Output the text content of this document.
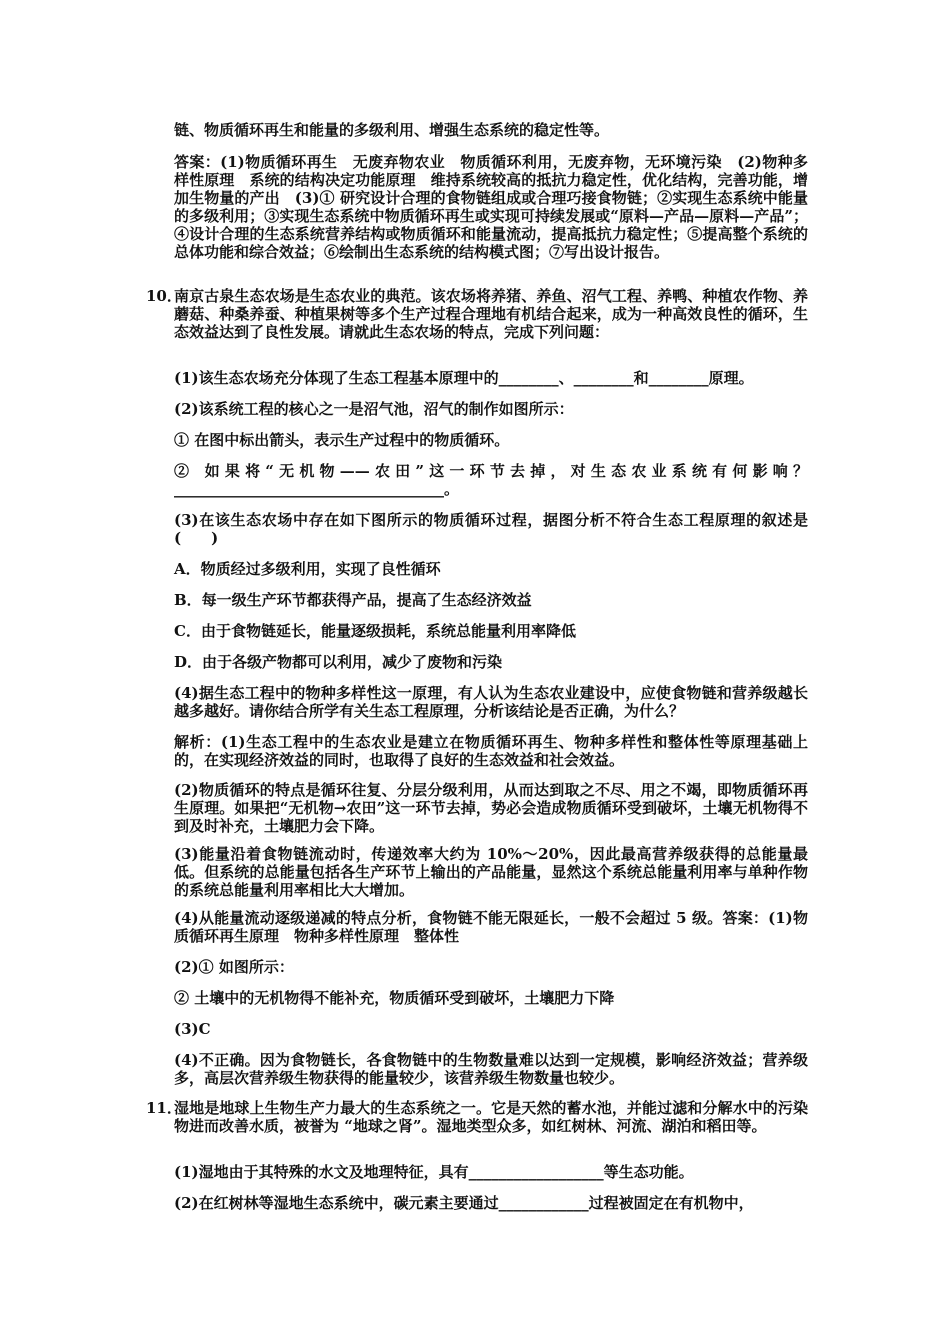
链、物质循环再生和能量的多级利用、增强生态系统的稳定性等。

答案：(1)物质循环再生　无废弃物农业　物质循环利用，无废弃物，无环境污染　(2)物种多样性原理　系统的结构决定功能原理　维持系统较高的抵抗力稳定性，优化结构，完善功能，增加生物量的产出　(3)① 研究设计合理的食物链组成或合理巧接食物链；②实现生态系统中能量的多级利用；③实现生态系统中物质循环再生或实现可持续发展或“原料—产品—原料—产品”；④设计合理的生态系统营养结构或物质循环和能量流动，提高抵抗力稳定性；⑤提高整个系统的总体功能和综合效益；⑥绘制出生态系统的结构模式图；⑦写出设计报告。

10．南京古泉生态农场是生态农业的典范。该农场将养猪、养鱼、沼气工程、养鸭、种植农作物、养蘑菇、种桑养蚕、种植果树等多个生产过程合理地有机结合起来，成为一种高效良性的循环，生态效益达到了良性发展。请就此生态农场的特点，完成下列问题：

(1)该生态农场充分体现了生态工程基本原理中的________、________和________原理。

(2)该系统工程的核心之一是沼气池，沼气的制作如图所示：

① 在图中标出箭头，表示生产过程中的物质循环。

② 如果将“无机物——农田”这一环节去掉，对生态农业系统有何影响？____________________________________。

(3)在该生态农场中存在如下图所示的物质循环过程，据图分析不符合生态工程原理的叙述是(　　)

A．物质经过多级利用，实现了良性循环

B．每一级生产环节都获得产品，提高了生态经济效益

C．由于食物链延长，能量逐级损耗，系统总能量利用率降低

D．由于各级产物都可以利用，减少了废物和污染

(4)据生态工程中的物种多样性这一原理，有人认为生态农业建设中，应使食物链和营养级越长越多越好。请你结合所学有关生态工程原理，分析该结论是否正确，为什么？

解析：(1)生态工程中的生态农业是建立在物质循环再生、物种多样性和整体性等原理基础上的，在实现经济效益的同时，也取得了良好的生态效益和社会效益。

(2)物质循环的特点是循环往复、分层分级利用，从而达到取之不尽、用之不竭，即物质循环再生原理。如果把“无机物→农田”这一环节去掉，势必会造成物质循环受到破坏，土壤无机物得不到及时补充，土壤肥力会下降。

(3)能量沿着食物链流动时，传递效率大约为 10%～20%，因此最高营养级获得的总能量最低。但系统的总能量包括各生产环节上输出的产品能量，显然这个系统总能量利用率与单种作物的系统总能量利用率相比大大增加。

(4)从能量流动逐级递减的特点分析，食物链不能无限延长，一般不会超过 5 级。答案：(1)物质循环再生原理　物种多样性原理　整体性

(2)① 如图所示：

② 土壤中的无机物得不能补充，物质循环受到破坏，土壤肥力下降

(3)C

(4)不正确。因为食物链长，各食物链中的生物数量难以达到一定规模，影响经济效益；营养级多，高层次营养级生物获得的能量较少，该营养级生物数量也较少。

11．湿地是地球上生物生产力最大的生态系统之一。它是天然的蓄水池，并能过滤和分解水中的污染物进而改善水质，被誉为 “地球之肾”。湿地类型众多，如红树林、河流、湖泊和稻田等。

(1)湿地由于其特殊的水文及地理特征，具有__________________等生态功能。

(2)在红树林等湿地生态系统中，碳元素主要通过____________过程被固定在有机物中，
